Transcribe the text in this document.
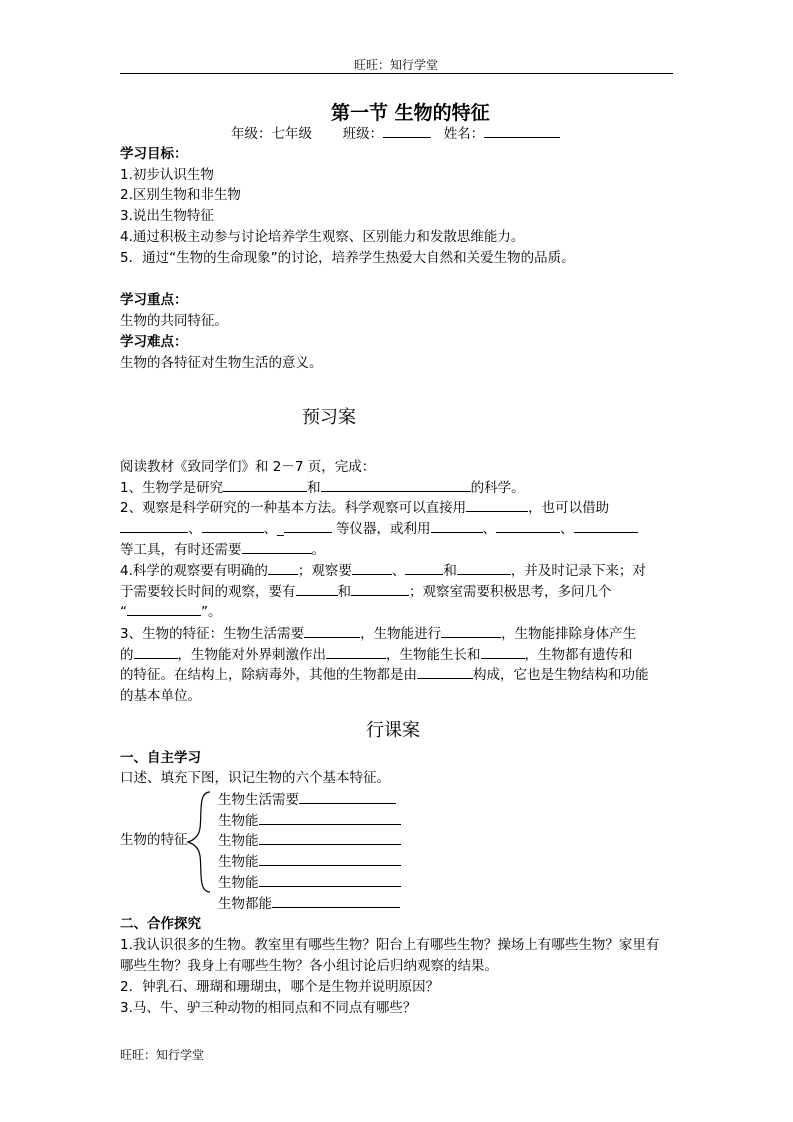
旺旺：知行学堂
第一节 生物的特征
年级：七年级 班级：	姓名：
学习目标：
1.初步认识生物
2.区别生物和非生物
3.说出生物特征
4.通过积极主动参与讨论培养学生观察、区别能力和发散思维能力。
5．通过“生物的生命现象”的讨论，培养学生热爱大自然和关爱生物的品质。
学习重点：
生物的共同特征。
学习难点：
生物的各特征对生物生活的意义。
预习案
阅读教材《致同学们》和 2－7 页，完成：
1、生物学是研究	和	的科学。
2、观察是科学研究的一种基本方法。科学观察可以直接用	，也可以借助
、	、_	等仪器，或利用	、	、
等工具，有时还需要	。
4.科学的观察要有明确的 ；观察要	、	和	，并及时记录下来；对
于需要较长时间的观察，要有	和	；观察室需要积极思考，多问几个
“	”。
3、生物的特征：生物生活需要	，生物能进行	，生物能排除身体产生
的	，生物能对外界刺激作出	，生物能生长和	，生物都有遗传和
的特征。在结构上，除病毒外，其他的生物都是由	构成，它也是生物结构和功能
的基本单位。
行课案
一、自主学习
口述、填充下图，识记生物的六个基本特征。
生物的特征
生物生活需要
生物能
生物能
生物能
生物能
生物都能
二、合作探究
1.我认识很多的生物。教室里有哪些生物？阳台上有哪些生物？操场上有哪些生物？家里有
哪些生物？我身上有哪些生物？各小组讨论后归纳观察的结果。
2．钟乳石、珊瑚和珊瑚虫，哪个是生物并说明原因？
3.马、牛、驴三种动物的相同点和不同点有哪些？
旺旺：知行学堂
